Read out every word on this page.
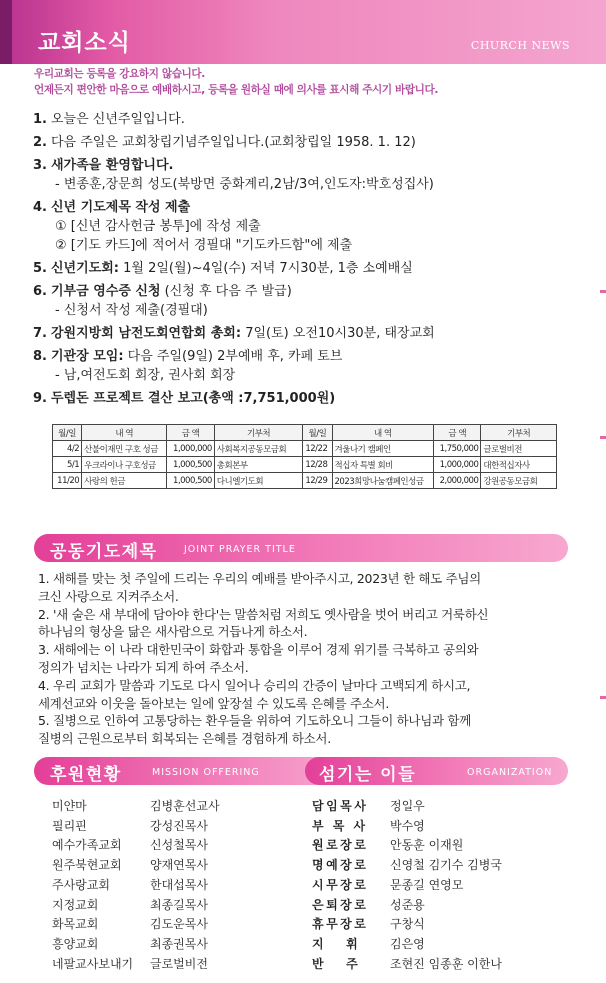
교회소식	CHURCH NEWS
우리교회는 등록을 강요하지 않습니다.
언제든지 편안한 마음으로 예배하시고, 등록을 원하실 때에 의사를 표시해 주시기 바랍니다.
1. 오늘은 신년주일입니다.
2. 다음 주일은 교회창립기념주일입니다.(교회창립일 1958. 1. 12)
3. 새가족을 환영합니다.
- 변종훈,장문희 성도(북방면 중화계리,2남/3여,인도자:박호성집사)
4. 신년 기도제목 작성 제출
① [신년 감사헌금 봉투]에 작성 제출
② [기도 카드]에 적어서 경필대 "기도카드함"에 제출
5. 신년기도회: 1월 2일(월)~4일(수) 저녁 7시30분, 1층 소예배실
6. 기부금 영수증 신청 (신청 후 다음 주 발급)
- 신청서 작성 제출(경필대)
7. 강원지방회 남전도회연합회 총회: 7일(토) 오전10시30분, 태장교회
8. 기관장 모임: 다음 주일(9일) 2부예배 후, 카페 토브
- 남,여전도회 회장, 권사회 회장
9. 두렙돈 프로젝트 결산 보고(총액 :7,751,000원)
월/일	내 역	금 액	기부처	월/일	내 역	금 액	기부처
4/2	산불이재민 구호 성금	1,000,000	사회복지공동모금회	12/22	겨울나기 캠페인	1,750,000	글로벌비전
5/1	우크라이나 구호성금	1,000,500	총회본부	12/28	적십자 특별 회비	1,000,000	대한적십자사
11/20	사랑의 헌금	1,000,500	다니엘기도회	12/29	2023희망나눔캠페인성금	2,000,000	강원공동모금회
공동기도제목	JOINT PRAYER TITLE
1. 새해를 맞는 첫 주일에 드리는 우리의 예배를 받아주시고, 2023년 한 해도 주님의
크신 사랑으로 지켜주소서.
2. '새 술은 새 부대에 담아야 한다'는 말씀처럼 저희도 옛사람을 벗어 버리고 거룩하신
하나님의 형상을 닮은 새사람으로 거듭나게 하소서.
3. 새해에는 이 나라 대한민국이 화합과 통합을 이루어 경제 위기를 극복하고 공의와
정의가 넘치는 나라가 되게 하여 주소서.
4. 우리 교회가 말씀과 기도로 다시 일어나 승리의 간증이 날마다 고백되게 하시고,
세계선교와 이웃을 돌아보는 일에 앞장설 수 있도록 은혜를 주소서.
5. 질병으로 인하여 고통당하는 환우들을 위하여 기도하오니 그들이 하나님과 함께
질병의 근원으로부터 회복되는 은혜를 경험하게 하소서.
후원현황	MISSION OFFERING	섬기는 이들	ORGANIZATION
미얀마	김병훈선교사
필리핀	강성진목사
예수가족교회	신성철목사
원주북현교회	양재연목사
주사랑교회	한대섭목사
지정교회	최종길목사
화목교회	김도운목사
흥양교회	최종권목사
네팔교사보내기	글로벌비전
담임목사	정일우
부 목 사	박수영
원로장로	안동훈 이재원
명예장로	신영철 김기수 김병국
시무장로	문종길 연영모
은퇴장로	성준용
휴무장로	구창식
지   휘	김은영
반   주	조현진 임종훈 이한나
